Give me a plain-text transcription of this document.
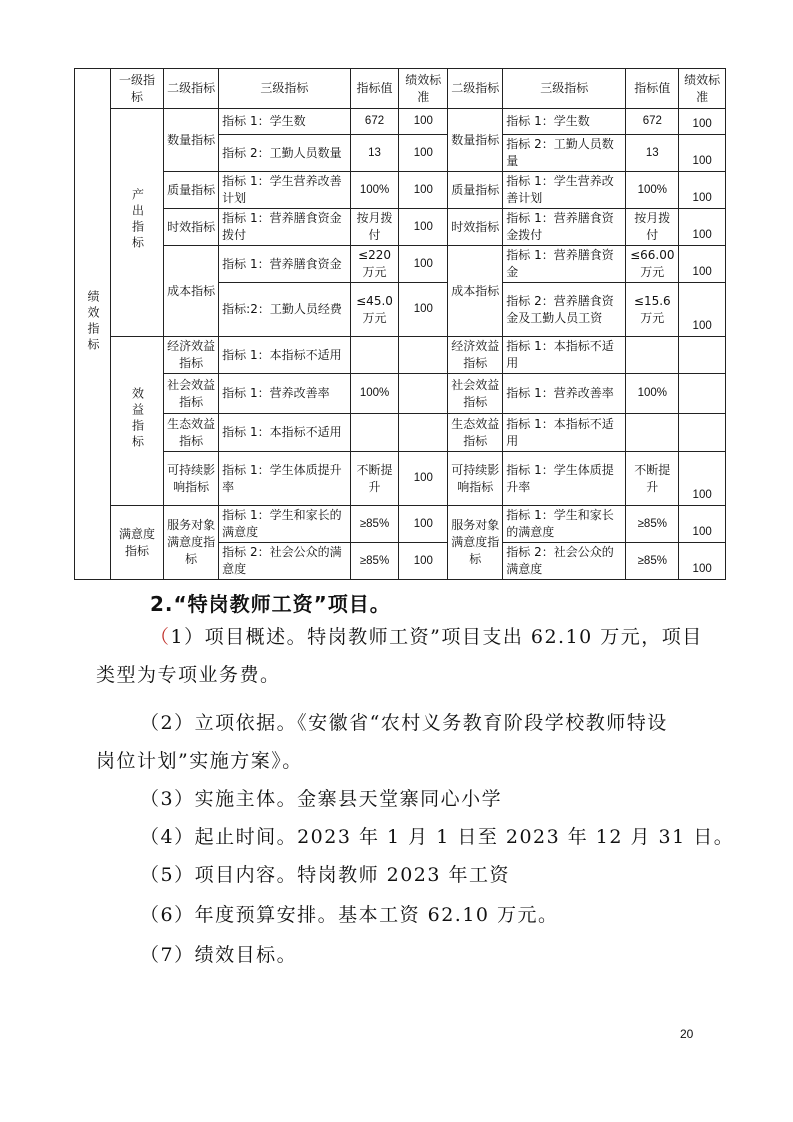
绩效指标	一级指标	二级指标	三级指标	指标值	绩效标准	二级指标	三级指标	指标值	绩效标准
	产出指标	数量指标	指标 1：学生数	672	100	数量指标	指标 1：学生数	672	100
			指标 2：工勤人员数量	13	100		指标 2：工勤人员数量	13	100
		质量指标	指标 1：学生营养改善计划	100%	100	质量指标	指标 1：学生营养改善计划	100%	100
		时效指标	指标 1：营养膳食资金拨付	按月拨付	100	时效指标	指标 1：营养膳食资金拨付	按月拨付	100
		成本指标	指标 1：营养膳食资金	≤220万元	100	成本指标	指标 1：营养膳食资金	≤66.00万元	100
			指标:2：工勤人员经费	≤45.0万元	100		指标 2：营养膳食资金及工勤人员工资	≤15.6万元	100
	效益指标	经济效益指标	指标 1：本指标不适用			经济效益指标	指标 1：本指标不适用		
		社会效益指标	指标 1：营养改善率	100%		社会效益指标	指标 1：营养改善率	100%	
		生态效益指标	指标 1：本指标不适用			生态效益指标	指标 1：本指标不适用		
		可持续影响指标	指标 1：学生体质提升率	不断提升	100	可持续影响指标	指标 1：学生体质提升率	不断提升	100
	满意度指标	服务对象满意度指标	指标 1：学生和家长的满意度	≥85%	100	服务对象满意度指标	指标 1：学生和家长的满意度	≥85%	100
			指标 2：社会公众的满意度	≥85%	100		指标 2：社会公众的满意度	≥85%	100
2.“特岗教师工资”项目。
（1）项目概述。特岗教师工资”项目支出 62.10 万元，项目
类型为专项业务费。
（2）立项依据。《安徽省“农村义务教育阶段学校教师特设
岗位计划”实施方案》。
（3）实施主体。金寨县天堂寨同心小学
（4）起止时间。2023 年 1 月 1 日至 2023 年 12 月 31 日。
（5）项目内容。特岗教师 2023 年工资
（6）年度预算安排。基本工资 62.10 万元。
（7）绩效目标。
20
